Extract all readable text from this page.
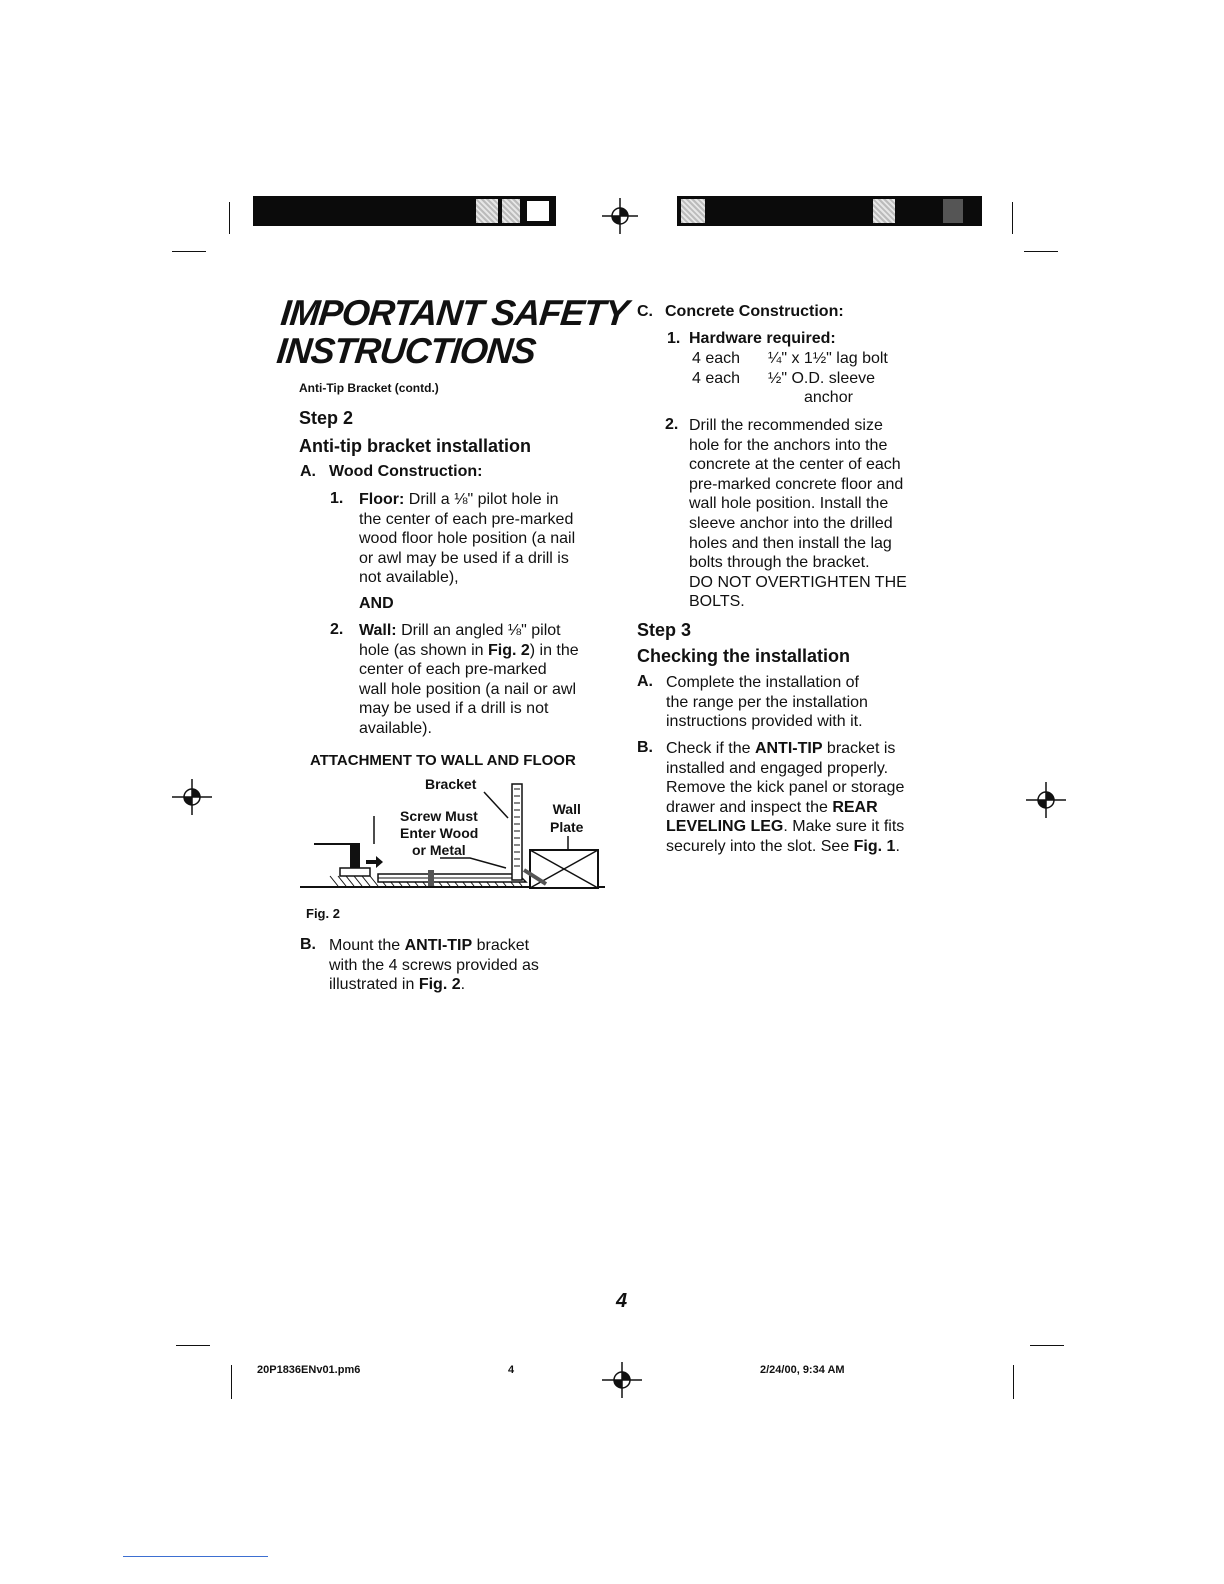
IMPORTANT SAFETY
INSTRUCTIONS
Anti-Tip Bracket (contd.)
Step 2
Anti-tip bracket installation
A. Wood Construction:
1. Floor: Drill a ⅛" pilot hole in
the center of each pre-marked
wood floor hole position (a nail
or awl may be used if a drill is
not available),
AND
2. Wall: Drill an angled ⅛" pilot
hole (as shown in Fig. 2) in the
center of each pre-marked
wall hole position (a nail or awl
may be used if a drill is not
available).
ATTACHMENT TO WALL AND FLOOR
Bracket
Screw Must
Enter Wood
or Metal
Wall
Plate
Fig. 2
B. Mount the ANTI-TIP bracket
with the 4 screws provided as
illustrated in Fig. 2.
C. Concrete Construction:
1. Hardware required:
4 each ¼" x 1½" lag bolt
4 each ½" O.D. sleeve
anchor
2. Drill the recommended size
hole for the anchors into the
concrete at the center of each
pre-marked concrete floor and
wall hole position. Install the
sleeve anchor into the drilled
holes and then install the lag
bolts through the bracket.
DO NOT OVERTIGHTEN THE
BOLTS.
Step 3
Checking the installation
A. Complete the installation of
the range per the installation
instructions provided with it.
B. Check if the ANTI-TIP bracket is
installed and engaged properly.
Remove the kick panel or storage
drawer and inspect the REAR
LEVELING LEG. Make sure it fits
securely into the slot. See Fig. 1.
4
20P1836ENv01.pm6	4	2/24/00, 9:34 AM
